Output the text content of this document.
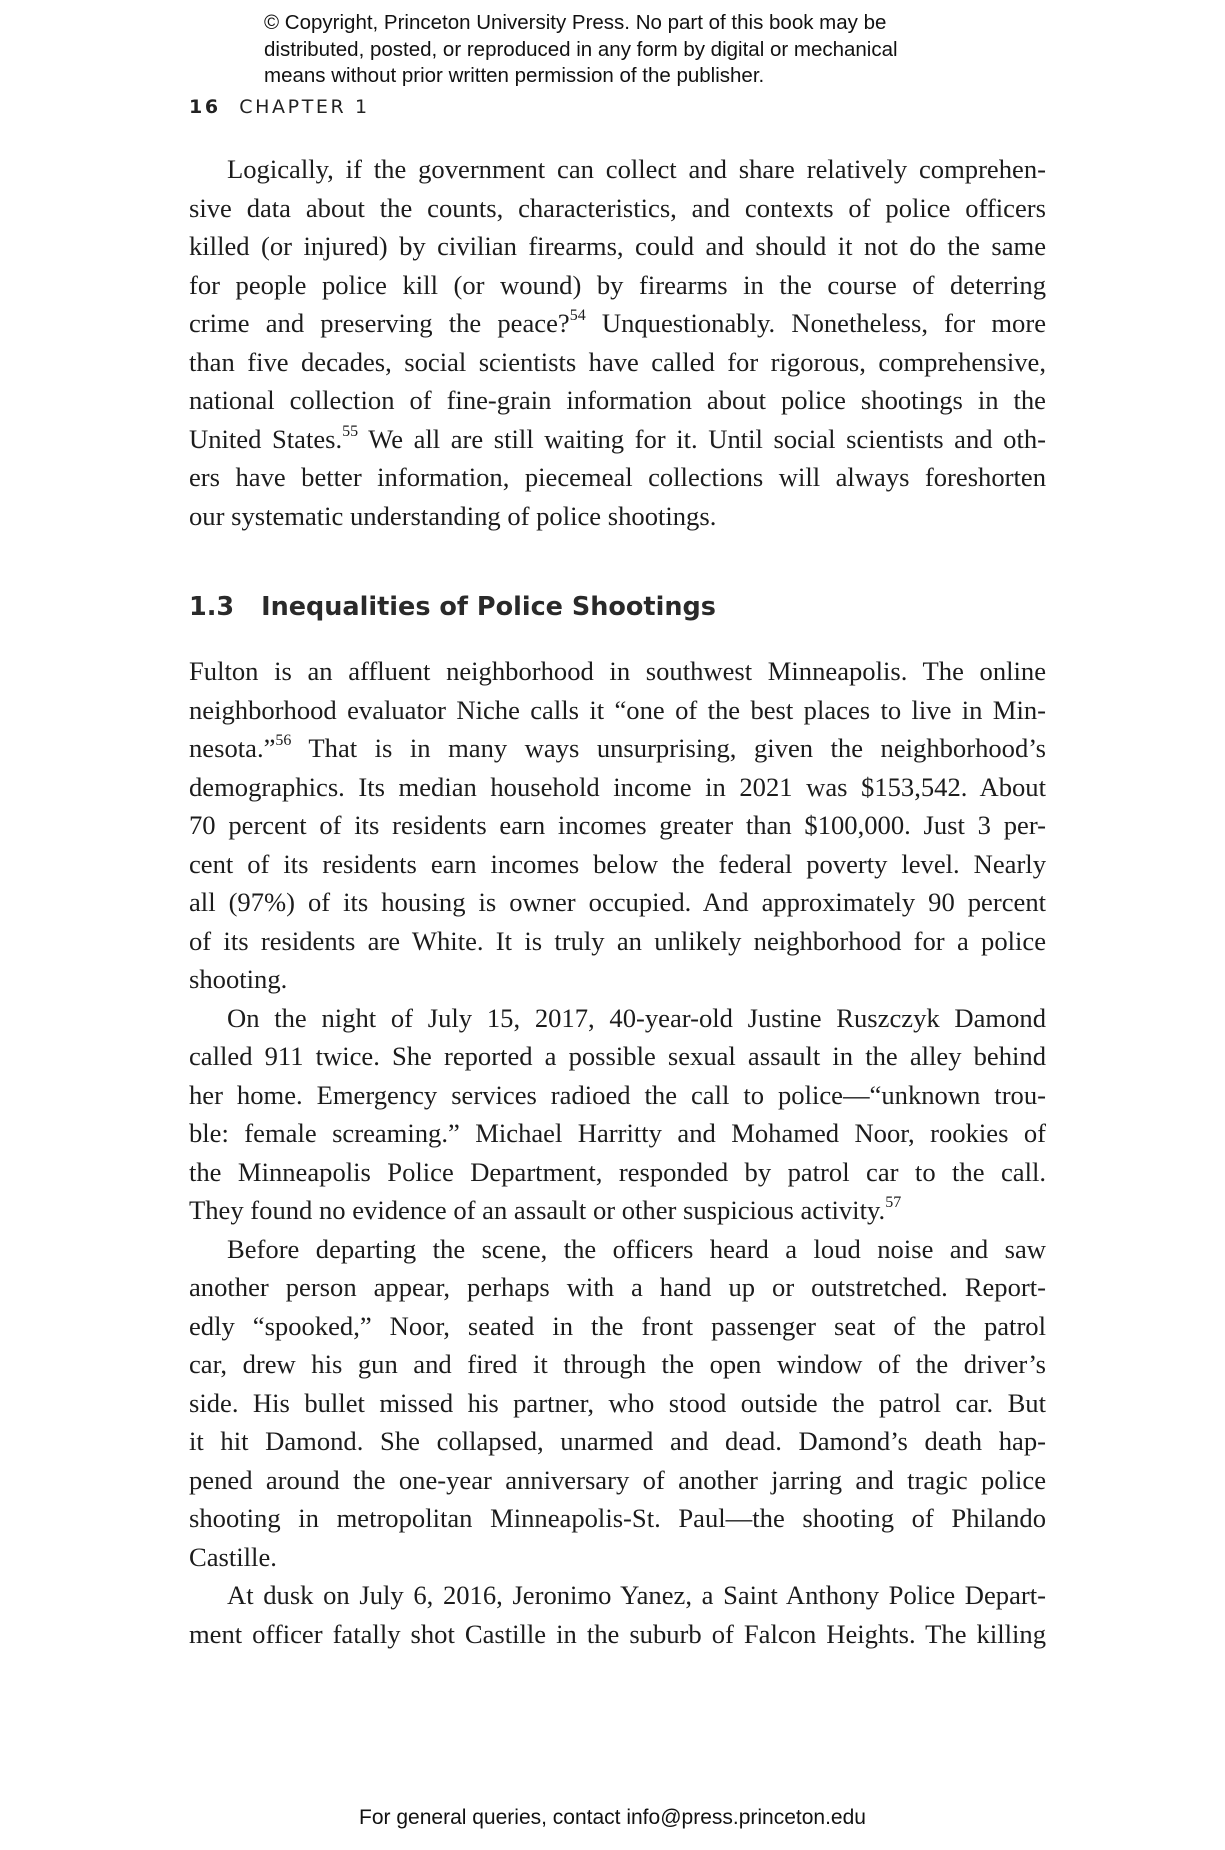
© Copyright, Princeton University Press. No part of this book may be
distributed, posted, or reproduced in any form by digital or mechanical
means without prior written permission of the publisher.
16 CHAPTER 1

Logically, if the government can collect and share relatively comprehen-
sive data about the counts, characteristics, and contexts of police officers
killed (or injured) by civilian firearms, could and should it not do the same
for people police kill (or wound) by firearms in the course of deterring
crime and preserving the peace?$^{54}$ Unquestionably. Nonetheless, for more
than five decades, social scientists have called for rigorous, comprehensive,
national collection of fine-grain information about police shootings in the
United States.$^{55}$ We all are still waiting for it. Until social scientists and oth-
ers have better information, piecemeal collections will always foreshorten
our systematic understanding of police shootings.

1.3 Inequalities of Police Shootings

Fulton is an affluent neighborhood in southwest Minneapolis. The online
neighborhood evaluator Niche calls it “one of the best places to live in Min-
nesota.”$^{56}$ That is in many ways unsurprising, given the neighborhood’s
demographics. Its median household income in 2021 was $153,542. About
70 percent of its residents earn incomes greater than $100,000. Just 3 per-
cent of its residents earn incomes below the federal poverty level. Nearly
all (97%) of its housing is owner occupied. And approximately 90 percent
of its residents are White. It is truly an unlikely neighborhood for a police
shooting.

On the night of July 15, 2017, 40-year-old Justine Ruszczyk Damond
called 911 twice. She reported a possible sexual assault in the alley behind
her home. Emergency services radioed the call to police—“unknown trou-
ble: female screaming.” Michael Harritty and Mohamed Noor, rookies of
the Minneapolis Police Department, responded by patrol car to the call.
They found no evidence of an assault or other suspicious activity.$^{57}$

Before departing the scene, the officers heard a loud noise and saw
another person appear, perhaps with a hand up or outstretched. Report-
edly “spooked,” Noor, seated in the front passenger seat of the patrol
car, drew his gun and fired it through the open window of the driver’s
side. His bullet missed his partner, who stood outside the patrol car. But
it hit Damond. She collapsed, unarmed and dead. Damond’s death hap-
pened around the one-year anniversary of another jarring and tragic police
shooting in metropolitan Minneapolis-St. Paul—the shooting of Philando
Castille.

At dusk on July 6, 2016, Jeronimo Yanez, a Saint Anthony Police Depart-
ment officer fatally shot Castille in the suburb of Falcon Heights. The killing

For general queries, contact info@press.princeton.edu
